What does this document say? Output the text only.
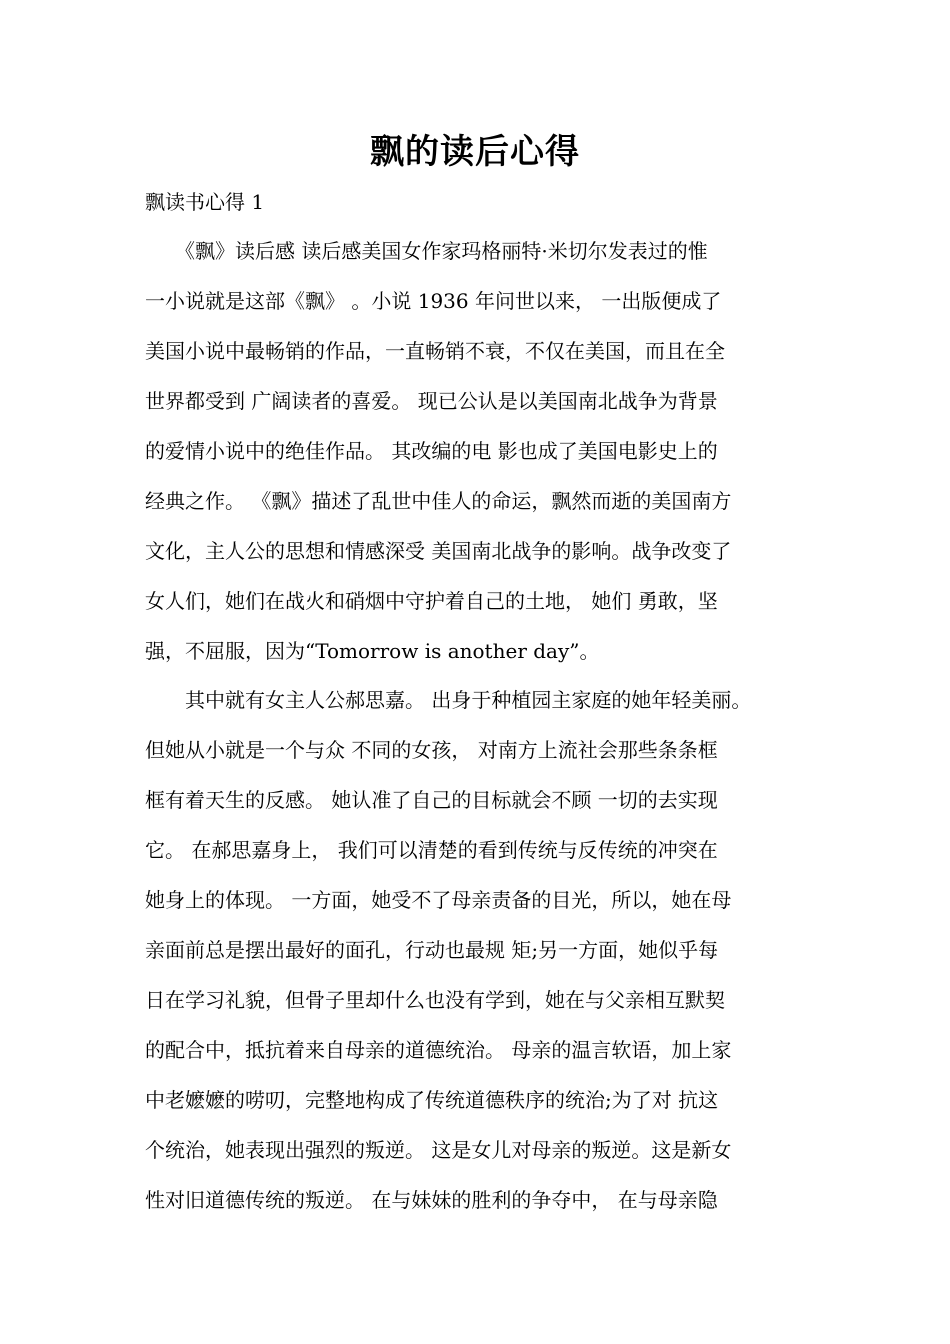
飘的读后心得

飘读书心得 1

　　《飘》读后感 读后感美国女作家玛格丽特·米切尔发表过的惟
一小说就是这部《飘》 。小说 1936 年问世以来， 一出版便成了
美国小说中最畅销的作品，一直畅销不衰，不仅在美国，而且在全
世界都受到 广阔读者的喜爱。 现已公认是以美国南北战争为背景
的爱情小说中的绝佳作品。 其改编的电 影也成了美国电影史上的
经典之作。 《飘》描述了乱世中佳人的命运，飘然而逝的美国南方
文化，主人公的思想和情感深受 美国南北战争的影响。战争改变了
女人们，她们在战火和硝烟中守护着自己的土地， 她们 勇敢，坚
强，不屈服，因为“Tomorrow is another day”。
　　其中就有女主人公郝思嘉。 出身于种植园主家庭的她年轻美丽。
但她从小就是一个与众 不同的女孩， 对南方上流社会那些条条框
框有着天生的反感。 她认准了自己的目标就会不顾 一切的去实现
它。 在郝思嘉身上， 我们可以清楚的看到传统与反传统的冲突在
她身上的体现。 一方面，她受不了母亲责备的目光，所以，她在母
亲面前总是摆出最好的面孔，行动也最规 矩;另一方面，她似乎每
日在学习礼貌，但骨子里却什么也没有学到，她在与父亲相互默契
的配合中，抵抗着来自母亲的道德统治。 母亲的温言软语，加上家
中老嬷嬷的唠叨，完整地构成了传统道德秩序的统治;为了对 抗这
个统治，她表现出强烈的叛逆。 这是女儿对母亲的叛逆。这是新女
性对旧道德传统的叛逆。 在与妹妹的胜利的争夺中， 在与母亲隐
